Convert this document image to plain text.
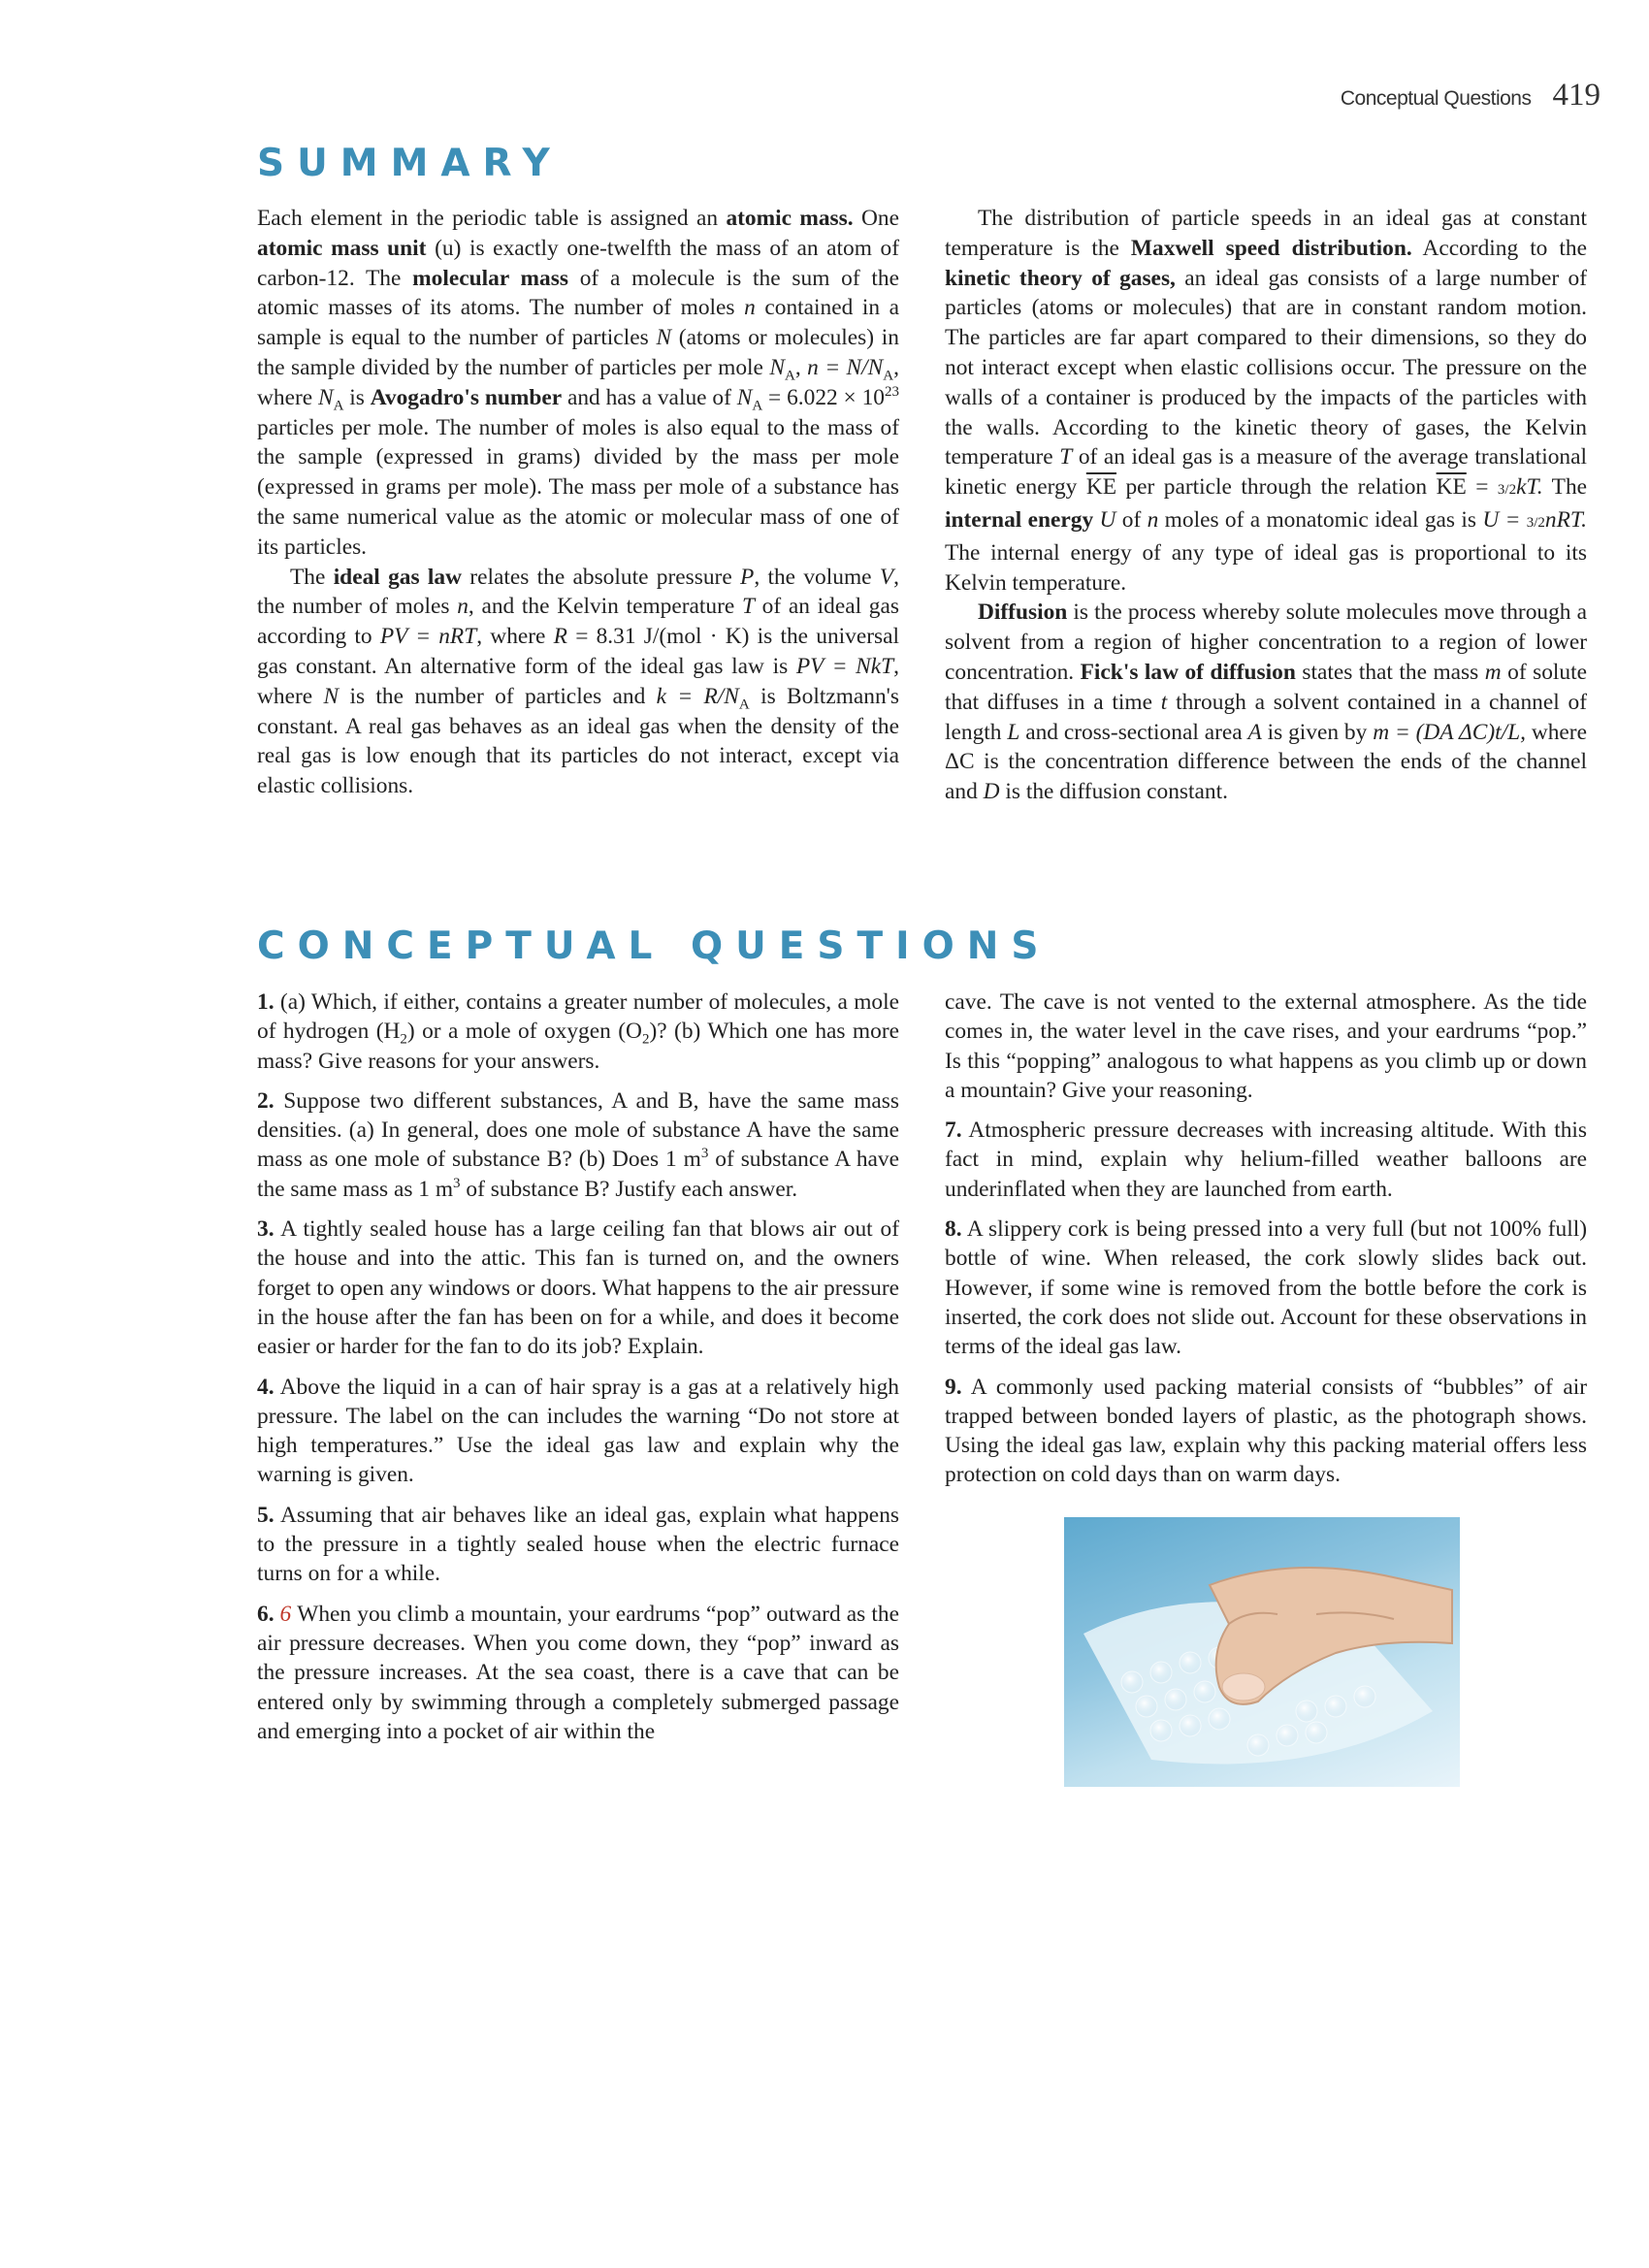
Conceptual Questions 419
SUMMARY

Each element in the periodic table is assigned an atomic mass. One atomic mass unit (u) is exactly one-twelfth the mass of an atom of carbon-12. The molecular mass of a molecule is the sum of the atomic masses of its atoms. The number of moles n contained in a sample is equal to the number of particles N (atoms or molecules) in the sample divided by the number of particles per mole $N_A$, $n = N/N_A$, where $N_A$ is Avogadro's number and has a value of $N_A = 6.022 \times 10^{23}$ particles per mole. The number of moles is also equal to the mass of the sample (expressed in grams) divided by the mass per mole (expressed in grams per mole). The mass per mole of a substance has the same numerical value as the atomic or molecular mass of one of its particles.

The ideal gas law relates the absolute pressure P, the volume V, the number of moles n, and the Kelvin temperature T of an ideal gas according to PV = nRT, where R = 8.31 J/(mol · K) is the universal gas constant. An alternative form of the ideal gas law is PV = NkT, where N is the number of particles and $k = R/N_A$ is Boltzmann's constant. A real gas behaves as an ideal gas when the density of the real gas is low enough that its particles do not interact, except via elastic collisions.

The distribution of particle speeds in an ideal gas at constant temperature is the Maxwell speed distribution. According to the kinetic theory of gases, an ideal gas consists of a large number of particles (atoms or molecules) that are in constant random motion. The particles are far apart compared to their dimensions, so they do not interact except when elastic collisions occur. The pressure on the walls of a container is produced by the impacts of the particles with the walls. According to the kinetic theory of gases, the Kelvin temperature T of an ideal gas is a measure of the average translational kinetic energy $\overline{KE}$ per particle through the relation $\overline{KE} = 3/2kT$. The internal energy U of n moles of a monatomic ideal gas is U = 3/2nRT. The internal energy of any type of ideal gas is proportional to its Kelvin temperature.

Diffusion is the process whereby solute molecules move through a solvent from a region of higher concentration to a region of lower concentration. Fick's law of diffusion states that the mass m of solute that diffuses in a time t through a solvent contained in a channel of length L and cross-sectional area A is given by m = (DA ΔC)t/L, where ΔC is the concentration difference between the ends of the channel and D is the diffusion constant.

CONCEPTUAL QUESTIONS

1. (a) Which, if either, contains a greater number of molecules, a mole of hydrogen $(H_2)$ or a mole of oxygen $(O_2)$? (b) Which one has more mass? Give reasons for your answers.

2. Suppose two different substances, A and B, have the same mass densities. (a) In general, does one mole of substance A have the same mass as one mole of substance B? (b) Does 1 $m^3$ of substance A have the same mass as 1 $m^3$ of substance B? Justify each answer.

3. A tightly sealed house has a large ceiling fan that blows air out of the house and into the attic. This fan is turned on, and the owners forget to open any windows or doors. What happens to the air pressure in the house after the fan has been on for a while, and does it become easier or harder for the fan to do its job? Explain.

4. Above the liquid in a can of hair spray is a gas at a relatively high pressure. The label on the can includes the warning “Do not store at high temperatures.” Use the ideal gas law and explain why the warning is given.

5. Assuming that air behaves like an ideal gas, explain what happens to the pressure in a tightly sealed house when the electric furnace turns on for a while.

6. 6 When you climb a mountain, your eardrums “pop” outward as the air pressure decreases. When you come down, they “pop” inward as the pressure increases. At the sea coast, there is a cave that can be entered only by swimming through a completely submerged passage and emerging into a pocket of air within the

cave. The cave is not vented to the external atmosphere. As the tide comes in, the water level in the cave rises, and your eardrums “pop.” Is this “popping” analogous to what happens as you climb up or down a mountain? Give your reasoning.

7. Atmospheric pressure decreases with increasing altitude. With this fact in mind, explain why helium-filled weather balloons are underinflated when they are launched from earth.

8. A slippery cork is being pressed into a very full (but not 100% full) bottle of wine. When released, the cork slowly slides back out. However, if some wine is removed from the bottle before the cork is inserted, the cork does not slide out. Account for these observations in terms of the ideal gas law.

9. A commonly used packing material consists of “bubbles” of air trapped between bonded layers of plastic, as the photograph shows. Using the ideal gas law, explain why this packing material offers less protection on cold days than on warm days.
